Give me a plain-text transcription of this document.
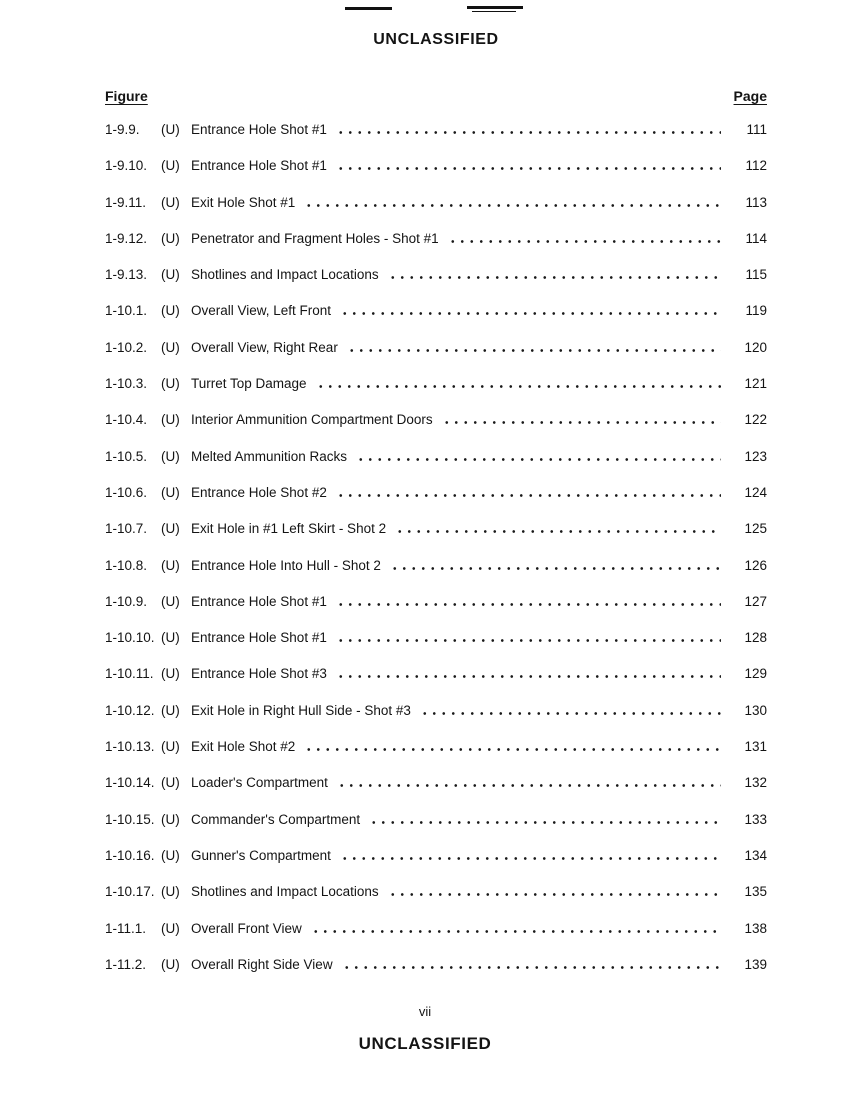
UNCLASSIFIED
Figure	Page
1-9.9.	(U) Entrance Hole Shot #1	111
1-9.10.	(U) Entrance Hole Shot #1	112
1-9.11.	(U) Exit Hole Shot #1	113
1-9.12.	(U) Penetrator and Fragment Holes - Shot #1	114
1-9.13.	(U) Shotlines and Impact Locations	115
1-10.1.	(U) Overall View, Left Front	119
1-10.2.	(U) Overall View, Right Rear	120
1-10.3.	(U) Turret Top Damage	121
1-10.4.	(U) Interior Ammunition Compartment Doors	122
1-10.5.	(U) Melted Ammunition Racks	123
1-10.6.	(U) Entrance Hole Shot #2	124
1-10.7.	(U) Exit Hole in #1 Left Skirt - Shot 2	125
1-10.8.	(U) Entrance Hole Into Hull - Shot 2	126
1-10.9.	(U) Entrance Hole Shot #1	127
1-10.10. (U) Entrance Hole Shot #1	128
1-10.11. (U) Entrance Hole Shot #3	129
1-10.12. (U) Exit Hole in Right Hull Side - Shot #3	130
1-10.13. (U) Exit Hole Shot #2	131
1-10.14. (U) Loader's Compartment	132
1-10.15. (U) Commander's Compartment	133
1-10.16. (U) Gunner's Compartment	134
1-10.17. (U) Shotlines and Impact Locations	135
1-11.1.	(U) Overall Front View	138
1-11.2.	(U) Overall Right Side View	139
vii
UNCLASSIFIED
